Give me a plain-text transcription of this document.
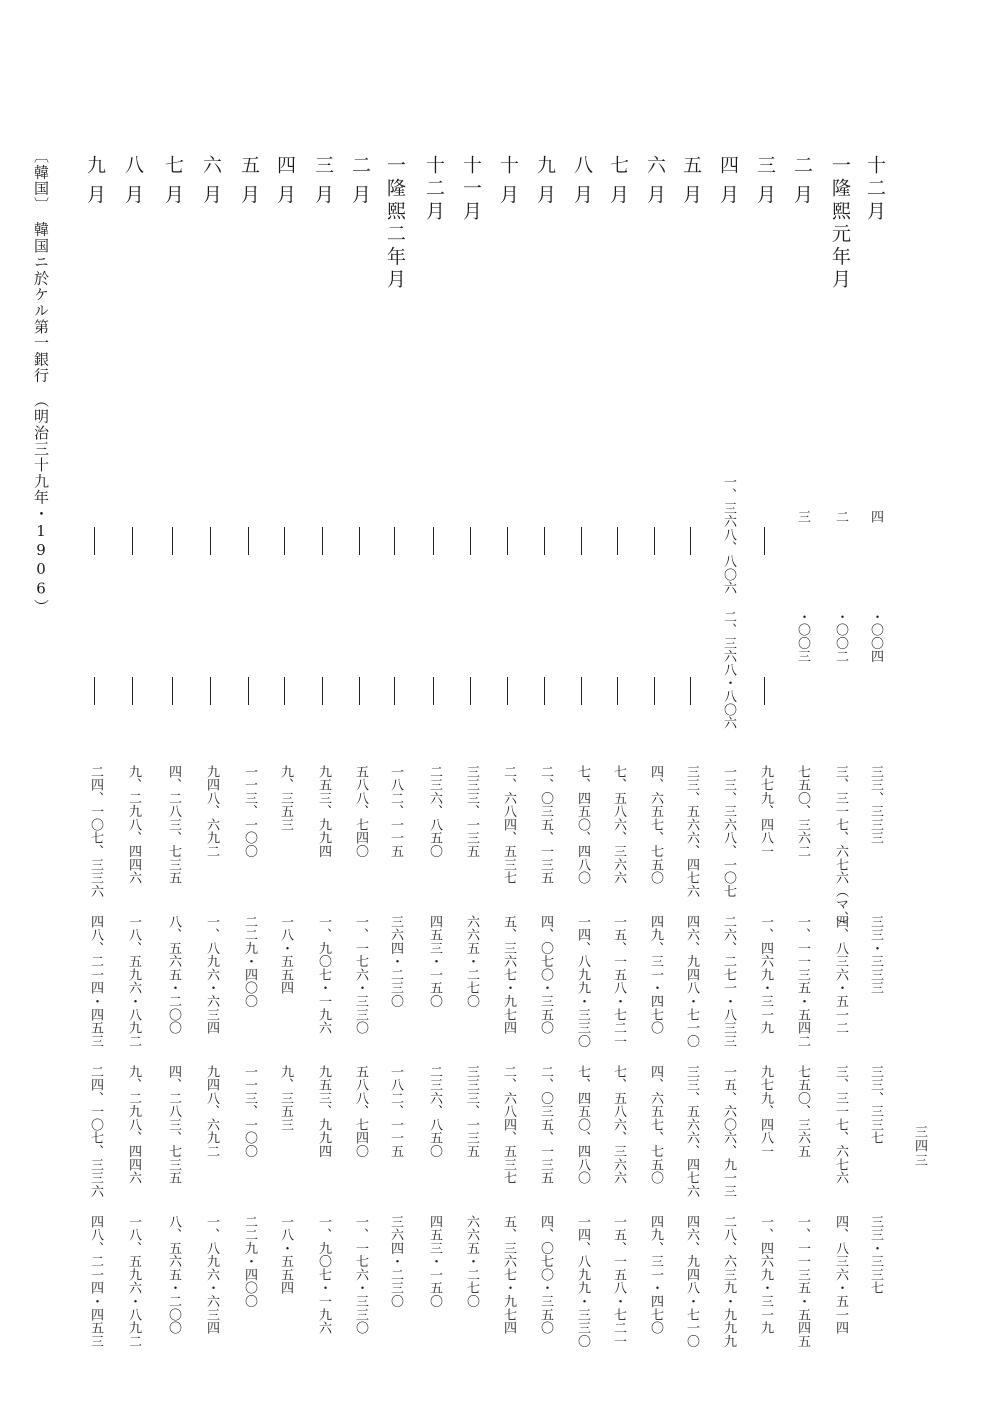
〔韓国〕　韓国ニ於ケル第一銀行　（明治三十九年・1906）
三四三
十二月
四
・〇〇四
三三、三三三
三三・三三三
三三、三三七
三三・三三七
一隆熙元年月
二
・〇〇二
三、三一七、六七六（マ、）
四、八三六・五一二
三、三一七、六七六
四、八三六・五一四
二月
三
・〇〇三
七五〇、三六二
一、一一三五・五四二
七五〇、三六五
一、一一三五・五四五
三月
九七九、四八一
一、四六九・三一九
九七九、四八一
一、四六九・三一九
四月
一、三六八、八〇六
二、三六八・八〇六
一三、三六八、一〇七
二六、二七一・八三三
一五、六〇六、九一三
二八、六三九・九九九
五月
三三、五六六、四七六
四六、九四八・七一〇
三三、五六六、四七六
四六、九四八・七一〇
六月
四、六五七、七五〇
四九、三一・四七〇
四、六五七、七五〇
四九、三一・四七〇
七月
七、五八六、三六六
一五、一五八・七二一
七、五八六、三六六
一五、一五八・七二一
八月
七、四五〇、四八〇
一四、八九九・三三〇
七、四五〇、四八〇
一四、八九九・三三〇
九月
二、〇三五、一三五
四、〇七〇・三五〇
二、〇三五、一三五
四、〇七〇・三五〇
十月
二、六八四、五三七
五、三六七・九七四
二、六八四、五三七
五、三六七・九七四
十一月
三三三、一三五
六六五・二七〇
三三三、一三五
六六五・二七〇
十二月
二三六、八五〇
四五三・一五〇
二三六、八五〇
四五三・一五〇
一隆熙二年月
一八二、一一五
三六四・二三〇
一八二、一一五
三六四・二三〇
二月
五八八、七四〇
一、一七六・三三〇
五八八、七四〇
一、一七六・三三〇
三月
九五三、九九四
一、九〇七・一九六
九五三、九九四
一、九〇七・一九六
四月
九、三五三
一八・五五四
九、三五三
一八・五五四
五月
一一三、一〇〇
二二九・四〇〇
一一三、一〇〇
二二九・四〇〇
六月
九四八、六九二
一、八九六・六三四
九四八、六九二
一、八九六・六三四
七月
四、二八三、七三五
八、五六五・二〇〇
四、二八三、七三五
八、五六五・二〇〇
八月
九、二九八、四四六
一八、五九六・八九二
九、二九八、四四六
一八、五九六・八九二
九月
二四、一〇七、三三六
四八、二一四・四五三
二四、一〇七、三三六
四八、二一四・四五三
